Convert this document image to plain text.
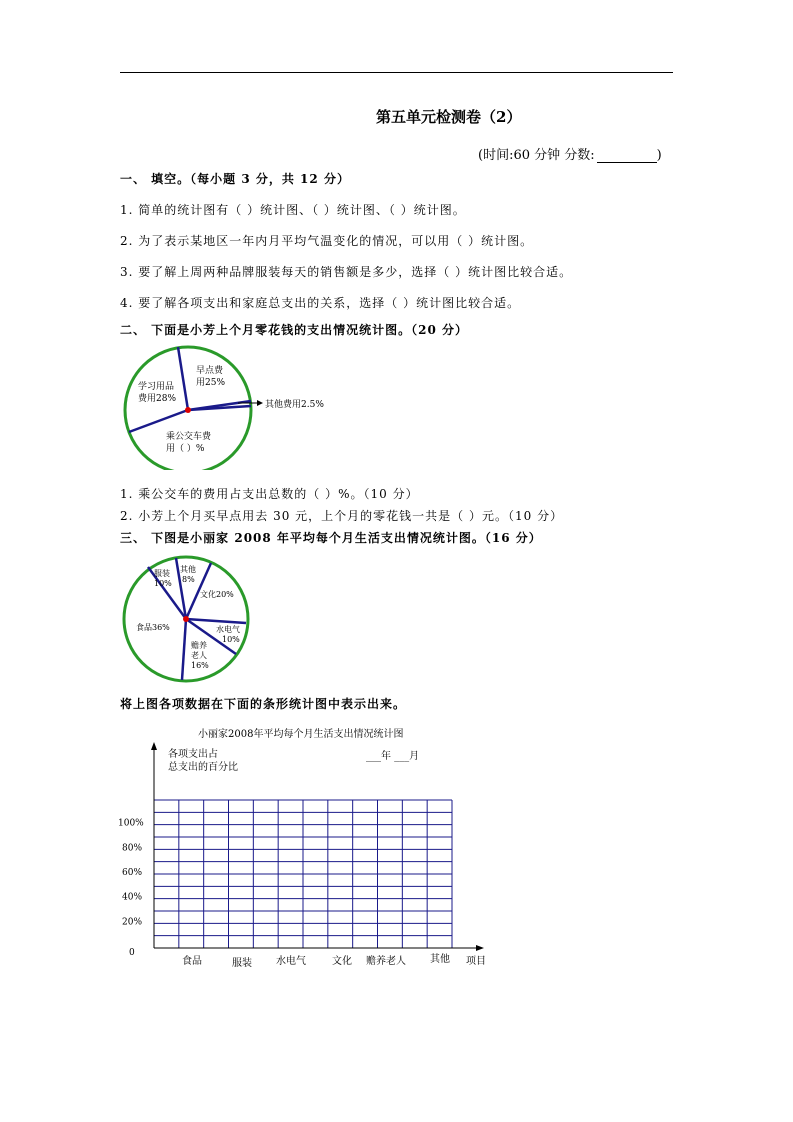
第五单元检测卷（2）
(时间:60 分钟 分数:	)
一、 填空。（每小题 3 分，共 12 分）
1. 简单的统计图有（ ）统计图、（ ）统计图、（ ）统计图。
2. 为了表示某地区一年内月平均气温变化的情况，可以用（ ）统计图。
3. 要了解上周两种品牌服装每天的销售额是多少，选择（ ）统计图比较合适。
4. 要了解各项支出和家庭总支出的关系，选择（ ）统计图比较合适。
二、 下面是小芳上个月零花钱的支出情况统计图。（20 分）
早点费
用25%
学习用品
费用28%
其他费用2.5%
乘公交车费
用（ ）%
1. 乘公交车的费用占支出总数的（ ）%。（10 分）
2. 小芳上个月买早点用去 30 元，上个月的零花钱一共是（ ）元。（10 分）
三、 下图是小丽家 2008 年平均每个月生活支出情况统计图。（16 分）
服装
10%
其他
8%
文化20%
食品36%	水电气
10%
赡养
老人
16%
将上图各项数据在下面的条形统计图中表示出来。
小丽家2008年平均每个月生活支出情况统计图
各项支出占
总支出的百分比
___年 ___月
0
20%
40%
60%
80%
100%
食品	服装 水电气	文化 赡养老人 其他 项目
